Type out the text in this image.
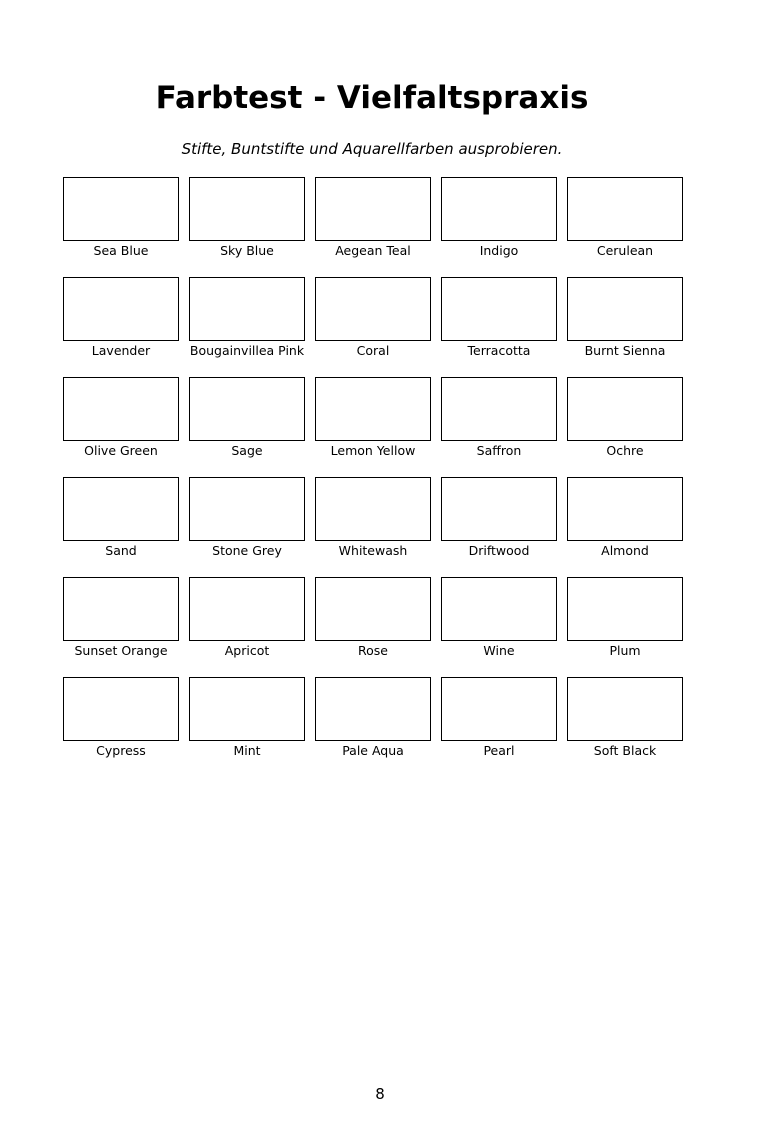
Farbtest - Vielfaltspraxis

Stifte, Buntstifte und Aquarellfarben ausprobieren.

Sea Blue	Sky Blue	Aegean Teal	Indigo	Cerulean
Lavender	Bougainvillea Pink	Coral	Terracotta	Burnt Sienna
Olive Green	Sage	Lemon Yellow	Saffron	Ochre
Sand	Stone Grey	Whitewash	Driftwood	Almond
Sunset Orange	Apricot	Rose	Wine	Plum
Cypress	Mint	Pale Aqua	Pearl	Soft Black
8
